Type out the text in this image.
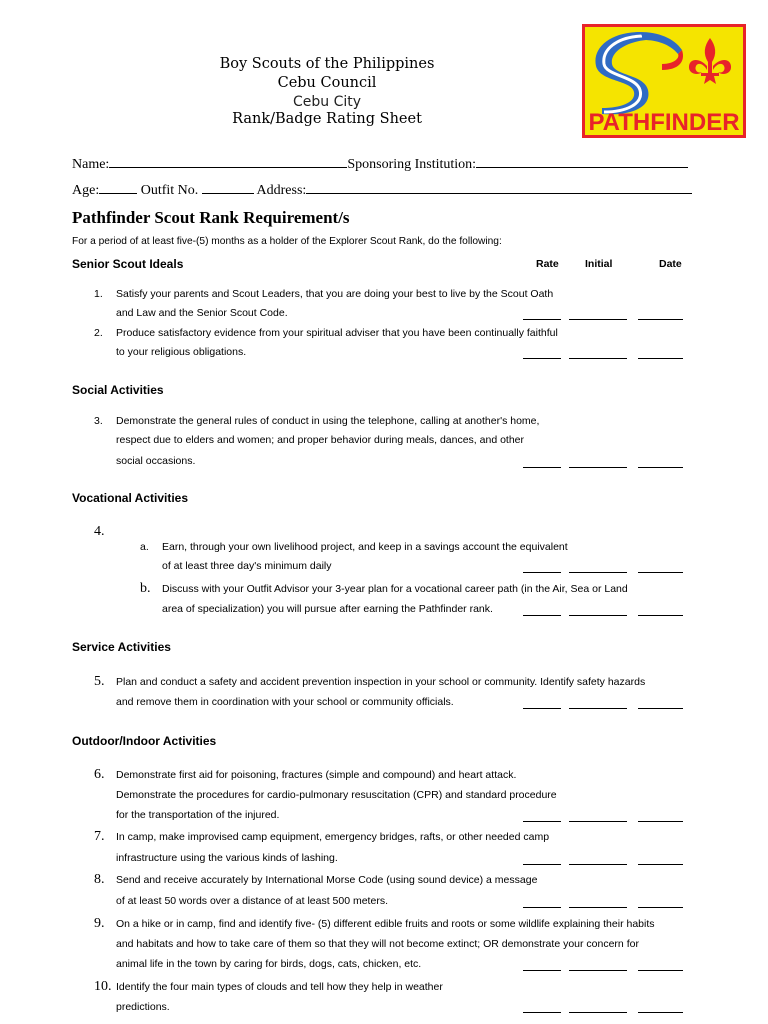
Boy Scouts of the Philippines
Cebu Council
Cebu City
Rank/Badge Rating Sheet	PATHFINDER
Name:	Sponsoring Institution:
Age:	Outfit No.	Address:
Pathfinder Scout Rank Requirement/s
For a period of at least five-(5) months as a holder of the Explorer Scout Rank, do the following:
Senior Scout Ideals	Rate Initial	Date
1. Satisfy your parents and Scout Leaders, that you are doing your best to live by the Scout Oath
and Law and the Senior Scout Code.
2. Produce satisfactory evidence from your spiritual adviser that you have been continually faithful
to your religious obligations.
Social Activities
3. Demonstrate the general rules of conduct in using the telephone, calling at another's home,
respect due to elders and women; and proper behavior during meals, dances, and other
social occasions.
Vocational Activities
4.
a. Earn, through your own livelihood project, and keep in a savings account the equivalent
of at least three day's minimum daily
b. Discuss with your Outfit Advisor your 3-year plan for a vocational career path (in the Air, Sea or Land
area of specialization) you will pursue after earning the Pathfinder rank.
Service Activities
5. Plan and conduct a safety and accident prevention inspection in your school or community. Identify safety hazards
and remove them in coordination with your school or community officials.
Outdoor/Indoor Activities
6. Demonstrate first aid for poisoning, fractures (simple and compound) and heart attack.
Demonstrate the procedures for cardio-pulmonary resuscitation (CPR) and standard procedure
for the transportation of the injured.
7. In camp, make improvised camp equipment, emergency bridges, rafts, or other needed camp
infrastructure using the various kinds of lashing.
8. Send and receive accurately by International Morse Code (using sound device) a message
of at least 50 words over a distance of at least 500 meters.
9. On a hike or in camp, find and identify five- (5) different edible fruits and roots or some wildlife explaining their habits
and habitats and how to take care of them so that they will not become extinct; OR demonstrate your concern for
animal life in the town by caring for birds, dogs, cats, chicken, etc.
10. Identify the four main types of clouds and tell how they help in weather
predictions.
